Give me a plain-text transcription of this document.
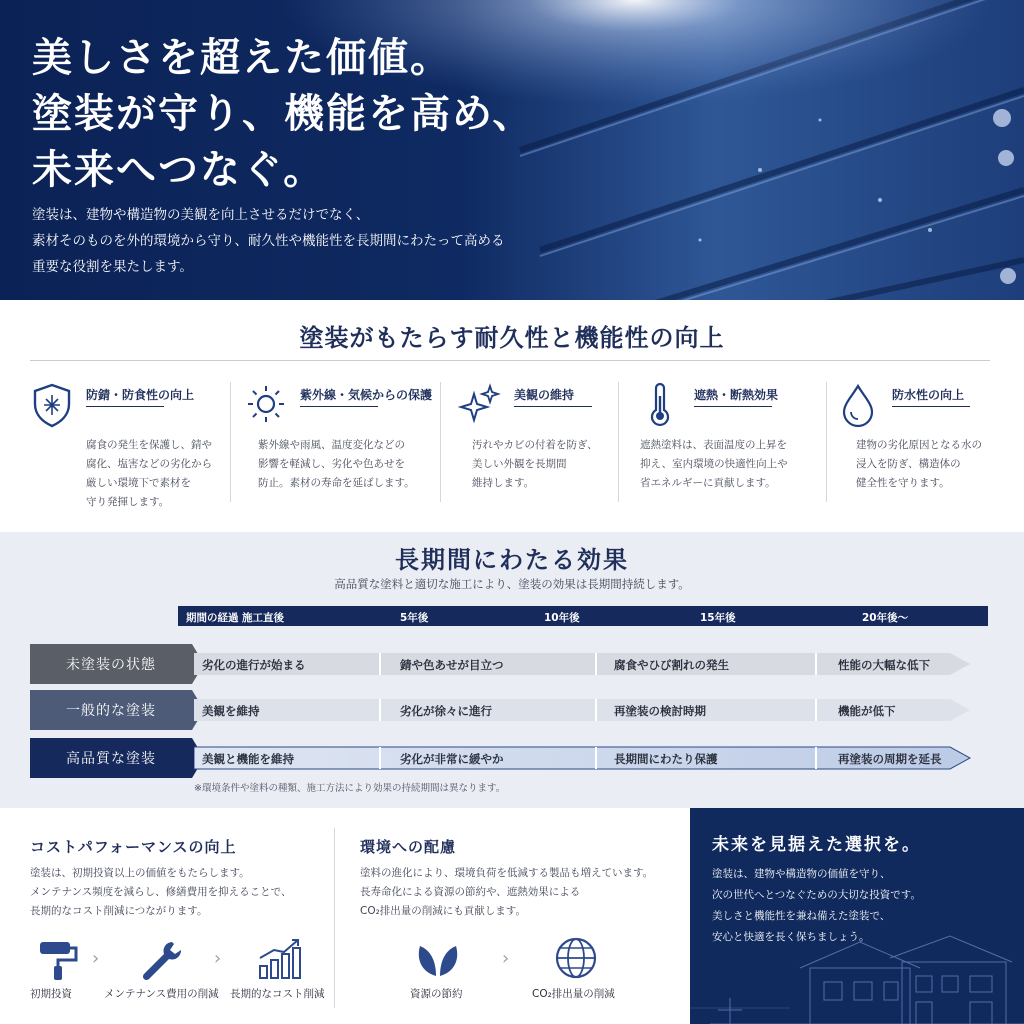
美しさを超えた価値。
塗装が守り、機能を高め、
未来へつなぐ。
塗装は、建物や構造物の美観を向上させるだけでなく、
素材そのものを外的環境から守り、耐久性や機能性を長期間にわたって高める
重要な役割を果たします。
塗装がもたらす耐久性と機能性の向上
防錆・防食性の向上
腐食の発生を保護し、錆や
腐化、塩害などの劣化から
厳しい環境下で素材を
守り発揮します。
紫外線・気候からの保護
紫外線や雨風、温度変化などの
影響を軽減し、劣化や色あせを
防止。素材の寿命を延ばします。
美観の維持
汚れやカビの付着を防ぎ、
美しい外観を長期間
維持します。
遮熱・断熱効果
遮熱塗料は、表面温度の上昇を
抑え、室内環境の快適性向上や
省エネルギーに貢献します。
防水性の向上
建物の劣化原因となる水の
浸入を防ぎ、構造体の
健全性を守ります。
長期間にわたる効果
高品質な塗料と適切な施工により、塗装の効果は長期間持続します。
期間の経過 施工直後	5年後	10年後	15年後	20年後〜
未塗装の状態	劣化の進行が始まる	錆や色あせが目立つ	腐食やひび割れの発生	性能の大幅な低下
一般的な塗装	美観を維持	劣化が徐々に進行	再塗装の検討時期	機能が低下
高品質な塗装	美観と機能を維持	劣化が非常に緩やか	長期間にわたり保護	再塗装の周期を延長
※環境条件や塗料の種類、施工方法により効果の持続期間は異なります。
コストパフォーマンスの向上
塗装は、初期投資以上の価値をもたらします。
メンテナンス頻度を減らし、修繕費用を抑えることで、
長期的なコスト削減につながります。
初期投資
›
メンテナンス費用の削減
›
長期的なコスト削減
環境への配慮
塗料の進化により、環境負荷を低減する製品も増えています。
長寿命化による資源の節約や、遮熱効果による
CO₂排出量の削減にも貢献します。
資源の節約
›
CO₂排出量の削減
未来を見据えた選択を。
塗装は、建物や構造物の価値を守り、
次の世代へとつなぐための大切な投資です。
美しさと機能性を兼ね備えた塗装で、
安心と快適を長く保ちましょう。
